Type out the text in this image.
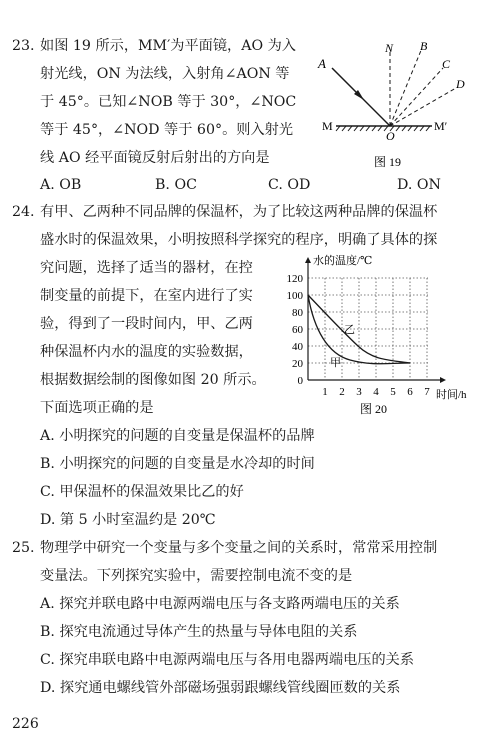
23. 如图 19 所示，MM′为平面镜，AO 为入
射光线，ON 为法线，入射角∠AON 等
于 45°。已知∠NOB 等于 30°，∠NOC
等于 45°，∠NOD 等于 60°。则入射光
线 AO 经平面镜反射后射出的方向是
A. OB	B. OC	C. OD	D. ON
A
N B
C
D
M
O
M′
图 19
24. 有甲、乙两种不同品牌的保温杯，为了比较这两种品牌的保温杯
盛水时的保温效果，小明按照科学探究的程序，明确了具体的探
究问题，选择了适当的器材，在控
制变量的前提下，在室内进行了实
验，得到了一段时间内，甲、乙两
种保温杯内水的温度的实验数据，
根据数据绘制的图像如图 20 所示。
下面选项正确的是
A. 小明探究的问题的自变量是保温杯的品牌
B. 小明探究的问题的自变量是水冷却的时间
C. 甲保温杯的保温效果比乙的好
D. 第 5 小时室温约是 20℃
120
100
80
60
40
20
0
1 2 3 4 5 6 7
水的温度/℃
时间/h
乙
甲
图 20
25. 物理学中研究一个变量与多个变量之间的关系时，常常采用控制
变量法。下列探究实验中，需要控制电流不变的是
A. 探究并联电路中电源两端电压与各支路两端电压的关系
B. 探究电流通过导体产生的热量与导体电阻的关系
C. 探究串联电路中电源两端电压与各用电器两端电压的关系
D. 探究通电螺线管外部磁场强弱跟螺线管线圈匝数的关系
226
